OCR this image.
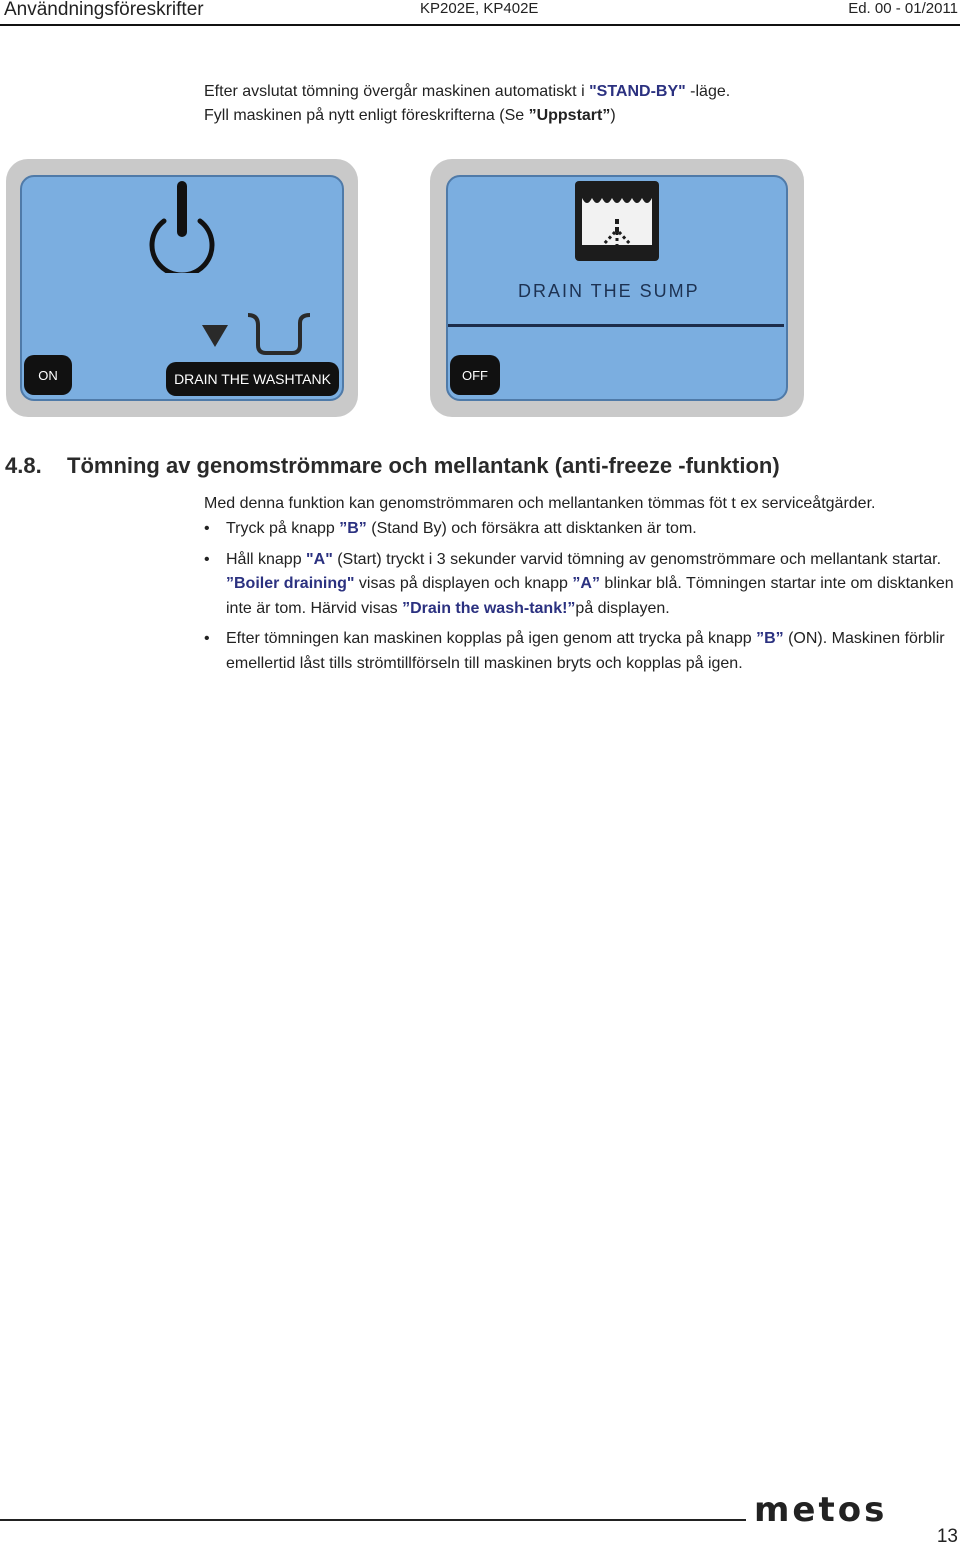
Användningsföreskrifter	KP202E, KP402E	Ed. 00 - 01/2011
Efter avslutat tömning övergår maskinen automatiskt i "STAND-BY" -läge.
Fyll maskinen på nytt enligt föreskrifterna (Se ”Uppstart”)
ON	DRAIN THE WASHTANK
DRAIN THE SUMP
OFF
4.8. Tömning av genomströmmare och mellantank (anti-freeze -funktion)
Med denna funktion kan genomströmmaren och mellantanken tömmas föt t ex serviceåtgärder.
• Tryck på knapp ”B” (Stand By) och försäkra att disktanken är tom.
• Håll knapp "A" (Start) tryckt i 3 sekunder varvid tömning av genomströmmare och mellantank startar. ”Boiler draining" visas på displayen och knapp ”A” blinkar blå. Tömningen startar inte om disktanken inte är tom. Härvid visas ”Drain the wash-tank!”på displayen.
• Efter tömningen kan maskinen kopplas på igen genom att trycka på knapp ”B” (ON). Maskinen förblir emellertid låst tills strömtillförseln till maskinen bryts och kopplas på igen.
metos
13
